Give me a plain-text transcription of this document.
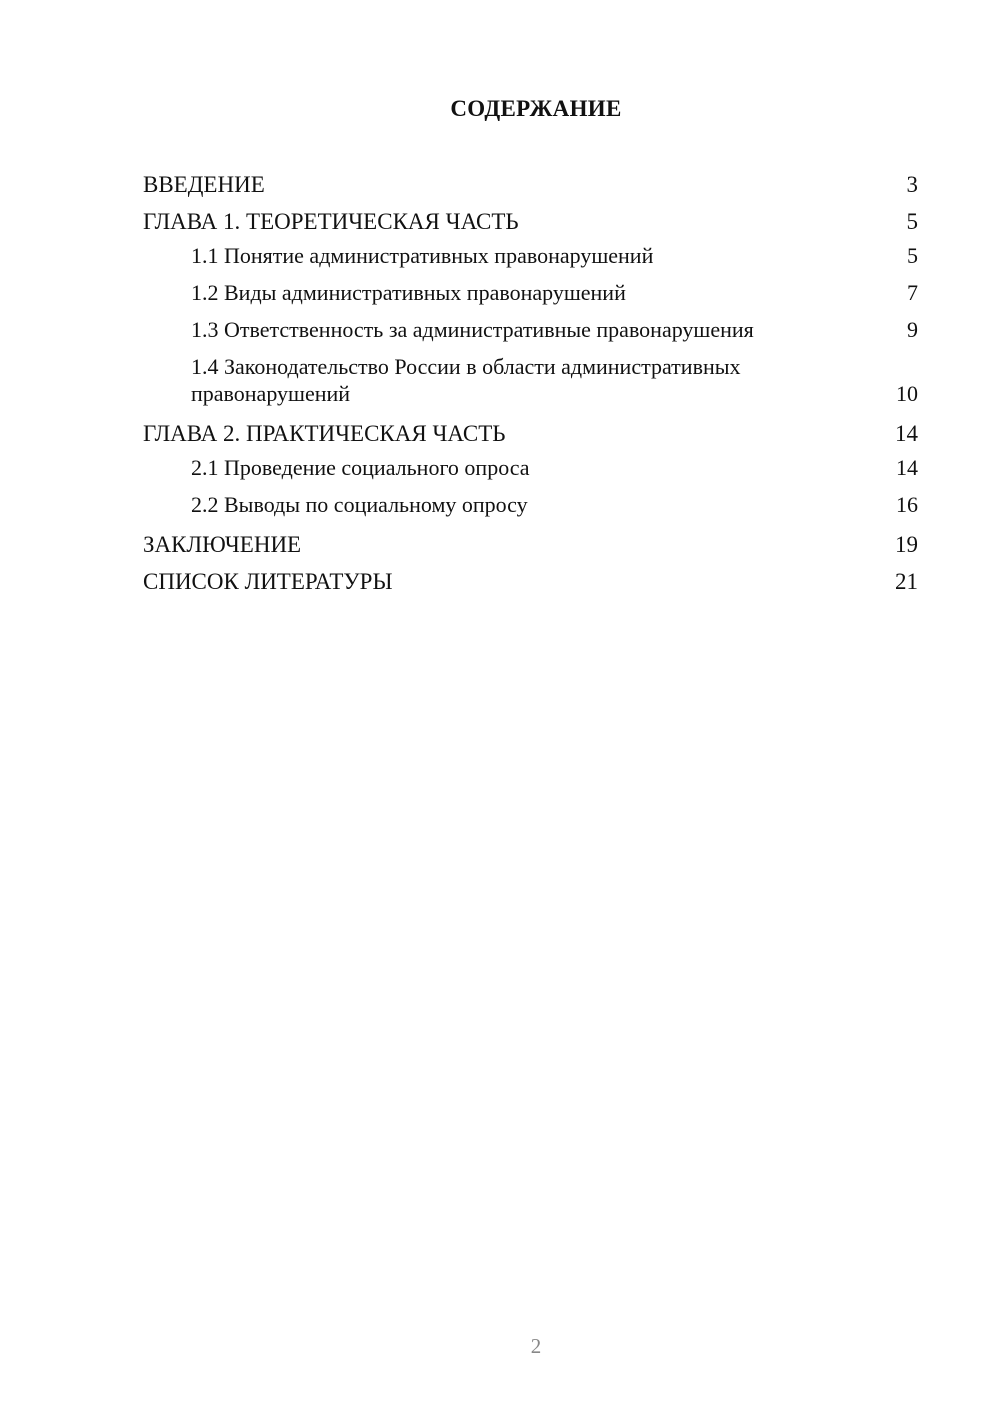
СОДЕРЖАНИЕ
ВВЕДЕНИЕ	3
ГЛАВА 1. ТЕОРЕТИЧЕСКАЯ ЧАСТЬ	5
1.1 Понятие административных правонарушений	5
1.2 Виды административных правонарушений	7
1.3 Ответственность за административные правонарушения	9
1.4 Законодательство России в области административных правонарушений	10
ГЛАВА 2. ПРАКТИЧЕСКАЯ ЧАСТЬ	14
2.1 Проведение социального опроса	14
2.2 Выводы по социальному опросу	16
ЗАКЛЮЧЕНИЕ	19
СПИСОК ЛИТЕРАТУРЫ	21
2
